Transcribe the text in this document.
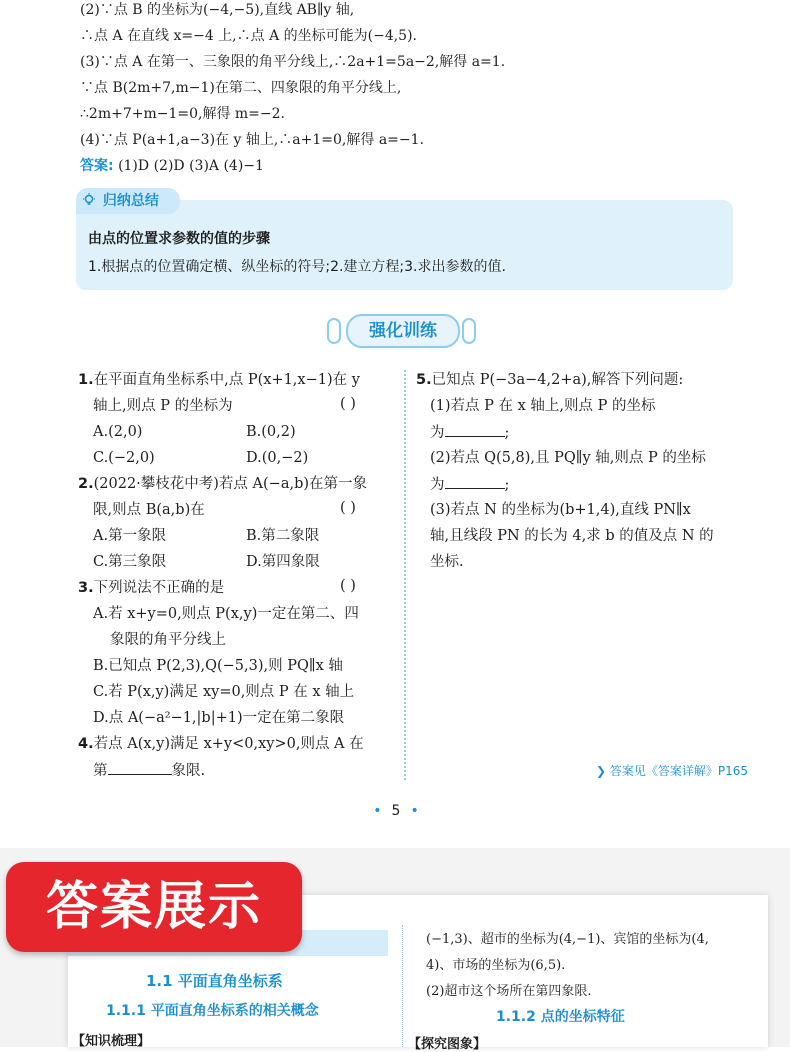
(2)∵点 B 的坐标为(−4,−5),直线 AB∥y 轴,
∴点 A 在直线 x=−4 上,∴点 A 的坐标可能为(−4,5).
(3)∵点 A 在第一、三象限的角平分线上,∴2a+1=5a−2,解得 a=1.
∵点 B(2m+7,m−1)在第二、四象限的角平分线上,
∴2m+7+m−1=0,解得 m=−2.
(4)∵点 P(a+1,a−3)在 y 轴上,∴a+1=0,解得 a=−1.
答案: (1)D (2)D (3)A (4)−1
归纳总结
由点的位置求参数的值的步骤
1.根据点的位置确定横、纵坐标的符号;2.建立方程;3.求出参数的值.
强化训练
1.在平面直角坐标系中,点 P(x+1,x−1)在 y
轴上,则点 P 的坐标为	( )
A.(2,0)	B.(0,2)
C.(−2,0)	D.(0,−2)
2.(2022·攀枝花中考)若点 A(−a,b)在第一象
限,则点 B(a,b)在	( )
A.第一象限	B.第二象限
C.第三象限	D.第四象限
3.下列说法不正确的是	( )
A.若 x+y=0,则点 P(x,y)一定在第二、四
象限的角平分线上
B.已知点 P(2,3),Q(−5,3),则 PQ∥x 轴
C.若 P(x,y)满足 xy=0,则点 P 在 x 轴上
D.点 A(−a²−1,|b|+1)一定在第二象限
4.若点 A(x,y)满足 x+y<0,xy>0,则点 A 在
第	象限.
5.已知点 P(−3a−4,2+a),解答下列问题:
(1)若点 P 在 x 轴上,则点 P 的坐标
为	;
(2)若点 Q(5,8),且 PQ∥y 轴,则点 P 的坐标
为	;
(3)若点 N 的坐标为(b+1,4),直线 PN∥x
轴,且线段 PN 的长为 4,求 b 的值及点 N 的
坐标.
❯ 答案见《答案详解》P165
• 5 •
1.1 平面直角坐标系
1.1.1 平面直角坐标系的相关概念
【知识梳理】
(−1,3)、超市的坐标为(4,−1)、宾馆的坐标为(4,
4)、市场的坐标为(6,5).
(2)超市这个场所在第四象限.
1.1.2 点的坐标特征
【探究图象】
答案展示
